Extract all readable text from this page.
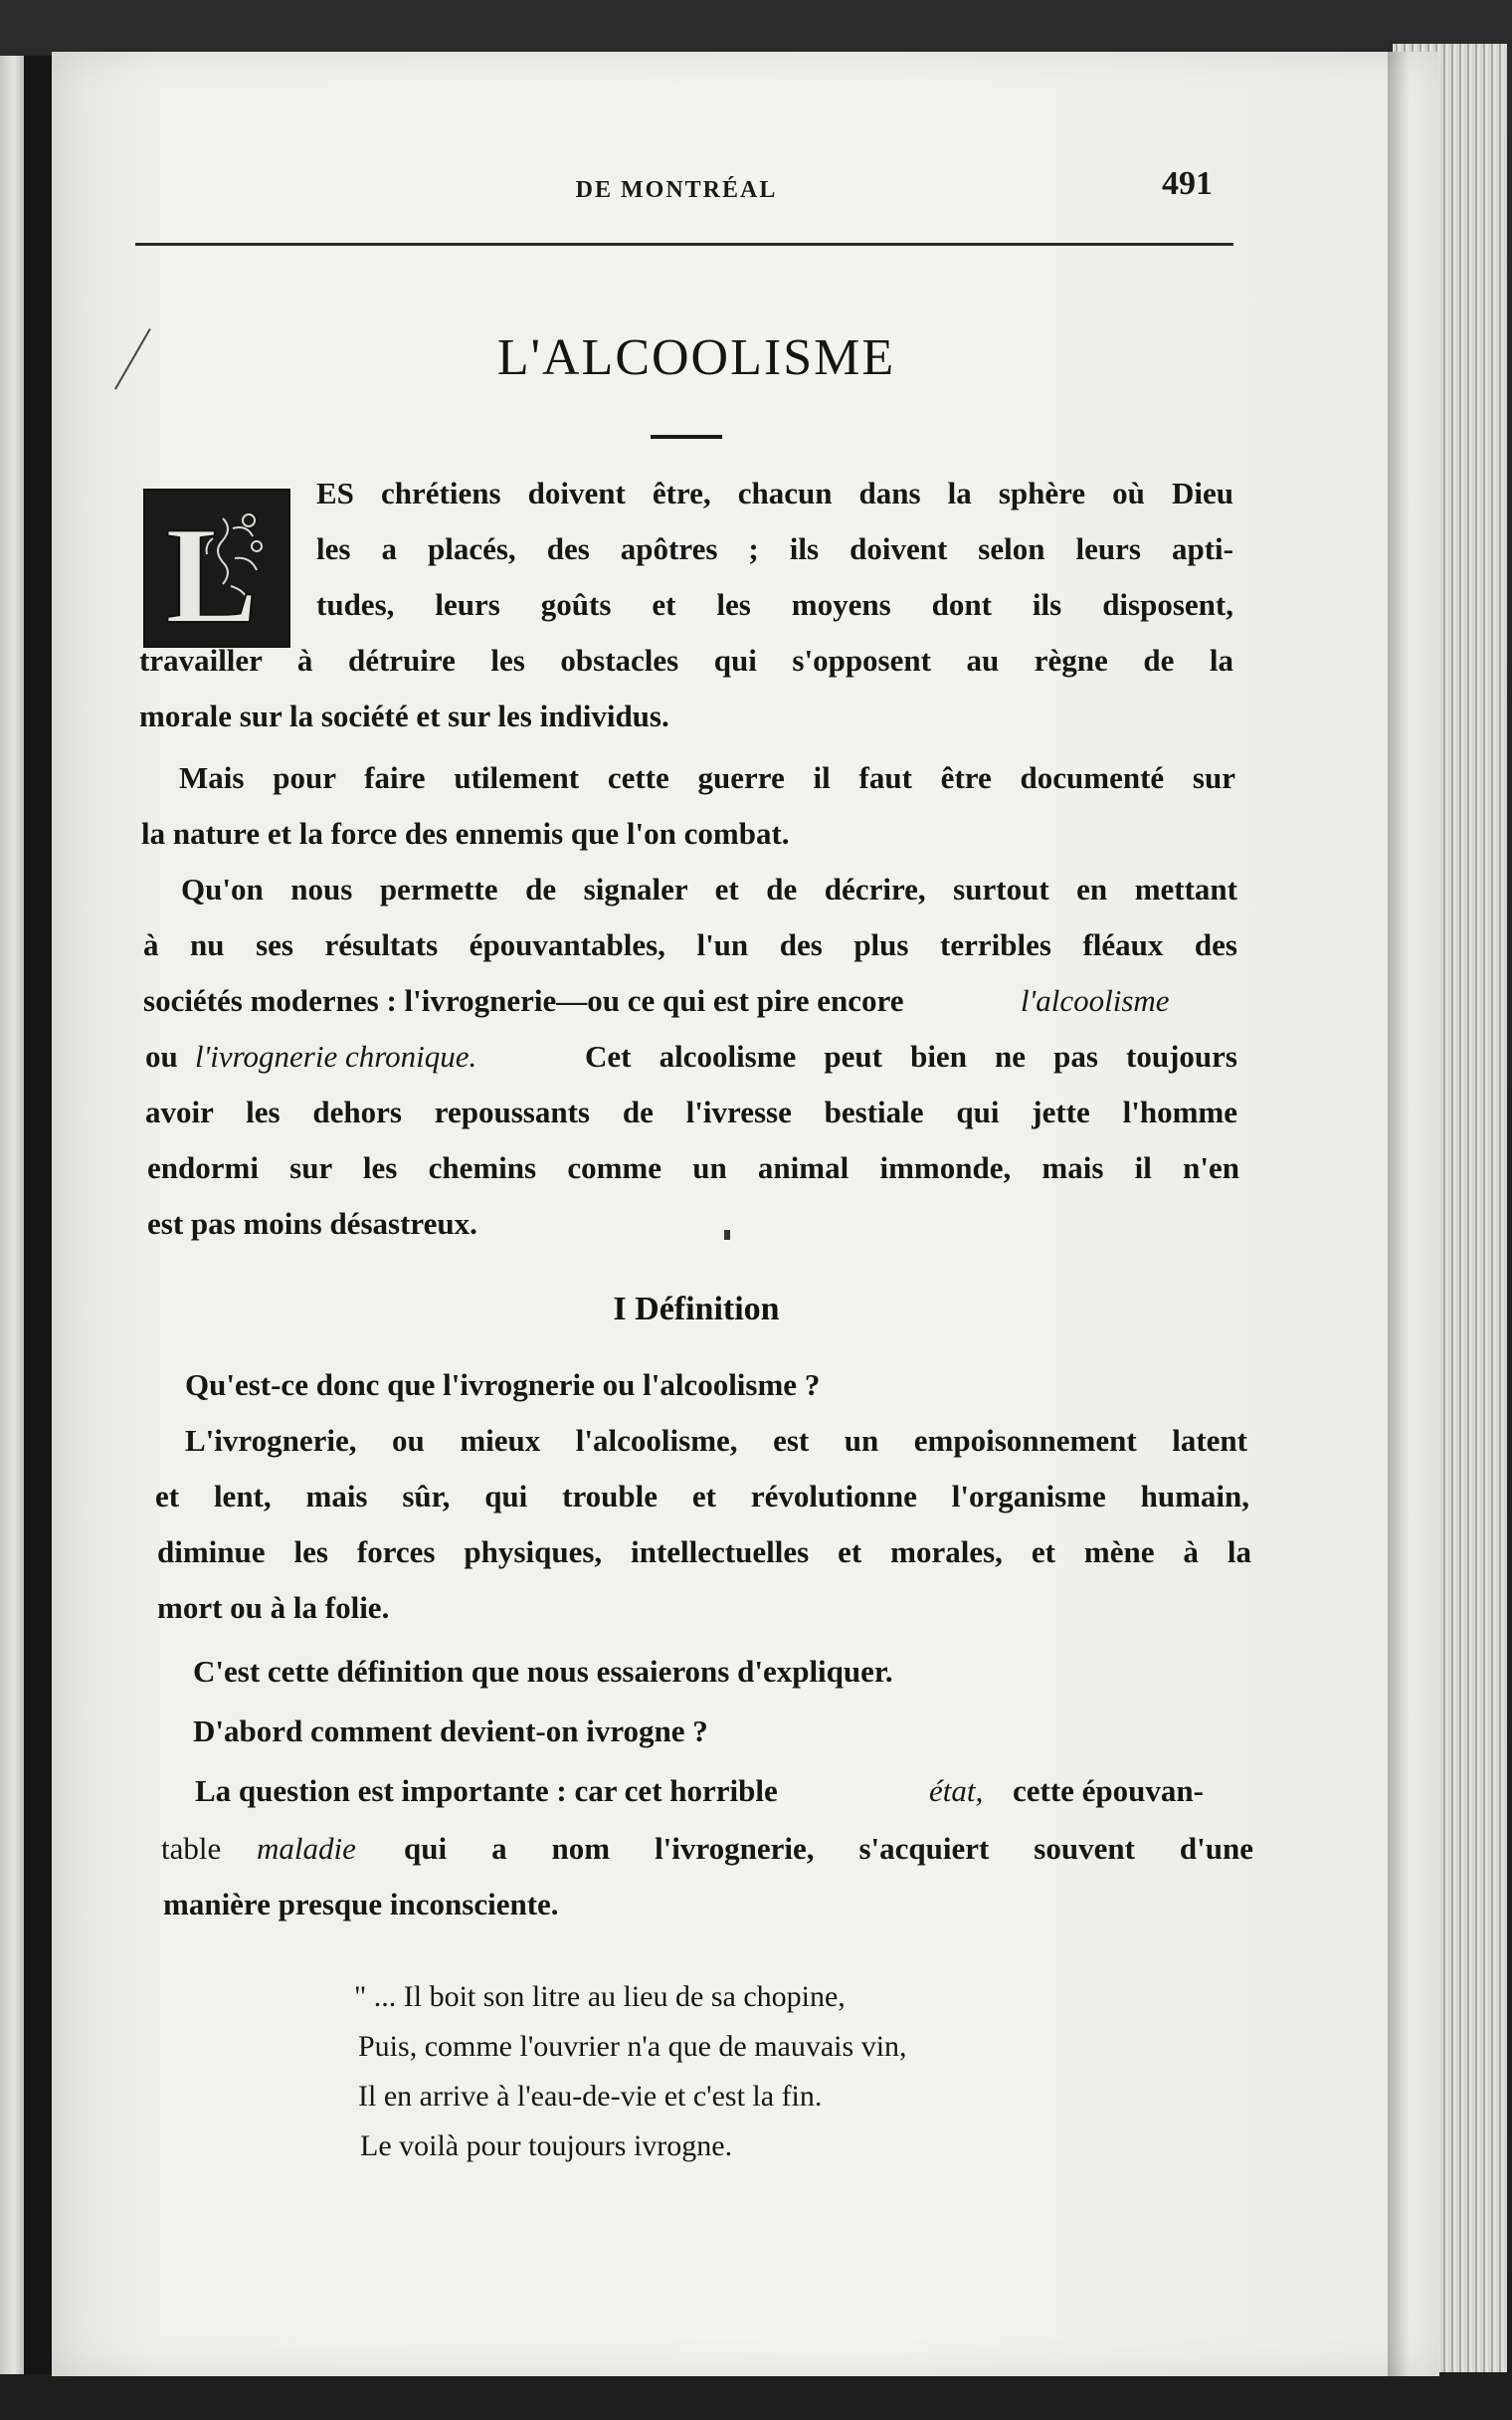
DE MONTRÉAL	491
L'ALCOOLISME
L
ES chrétiens doivent être, chacun dans la sphère où Dieu
les a placés, des apôtres ; ils doivent selon leurs apti-
tudes, leurs goûts et les moyens dont ils disposent,
travailler à détruire les obstacles qui s'opposent au règne de la
morale sur la société et sur les individus.
Mais pour faire utilement cette guerre il faut être documenté sur
la nature et la force des ennemis que l'on combat.
Qu'on nous permette de signaler et de décrire, surtout en mettant
à nu ses résultats épouvantables, l'un des plus terribles fléaux des
sociétés modernes : l'ivrognerie—ou ce qui est pire encore	l'alcoolisme
ou l'ivrognerie chronique.	Cet alcoolisme peut bien ne pas toujours
avoir les dehors repoussants de l'ivresse bestiale qui jette l'homme
endormi sur les chemins comme un animal immonde, mais il n'en
est pas moins désastreux.
I Définition
Qu'est-ce donc que l'ivrognerie ou l'alcoolisme ?
L'ivrognerie, ou mieux l'alcoolisme, est un empoisonnement latent
et lent, mais sûr, qui trouble et révolutionne l'organisme humain,
diminue les forces physiques, intellectuelles et morales, et mène à la
mort ou à la folie.
C'est cette définition que nous essaierons d'expliquer.
D'abord comment devient-on ivrogne ?
La question est importante : car cet horrible	état, cette épouvan-
table maladie qui a nom l'ivrognerie, s'acquiert souvent d'une
manière presque inconsciente.
" ... Il boit son litre au lieu de sa chopine,
Puis, comme l'ouvrier n'a que de mauvais vin,
Il en arrive à l'eau-de-vie et c'est la fin.
Le voilà pour toujours ivrogne.
